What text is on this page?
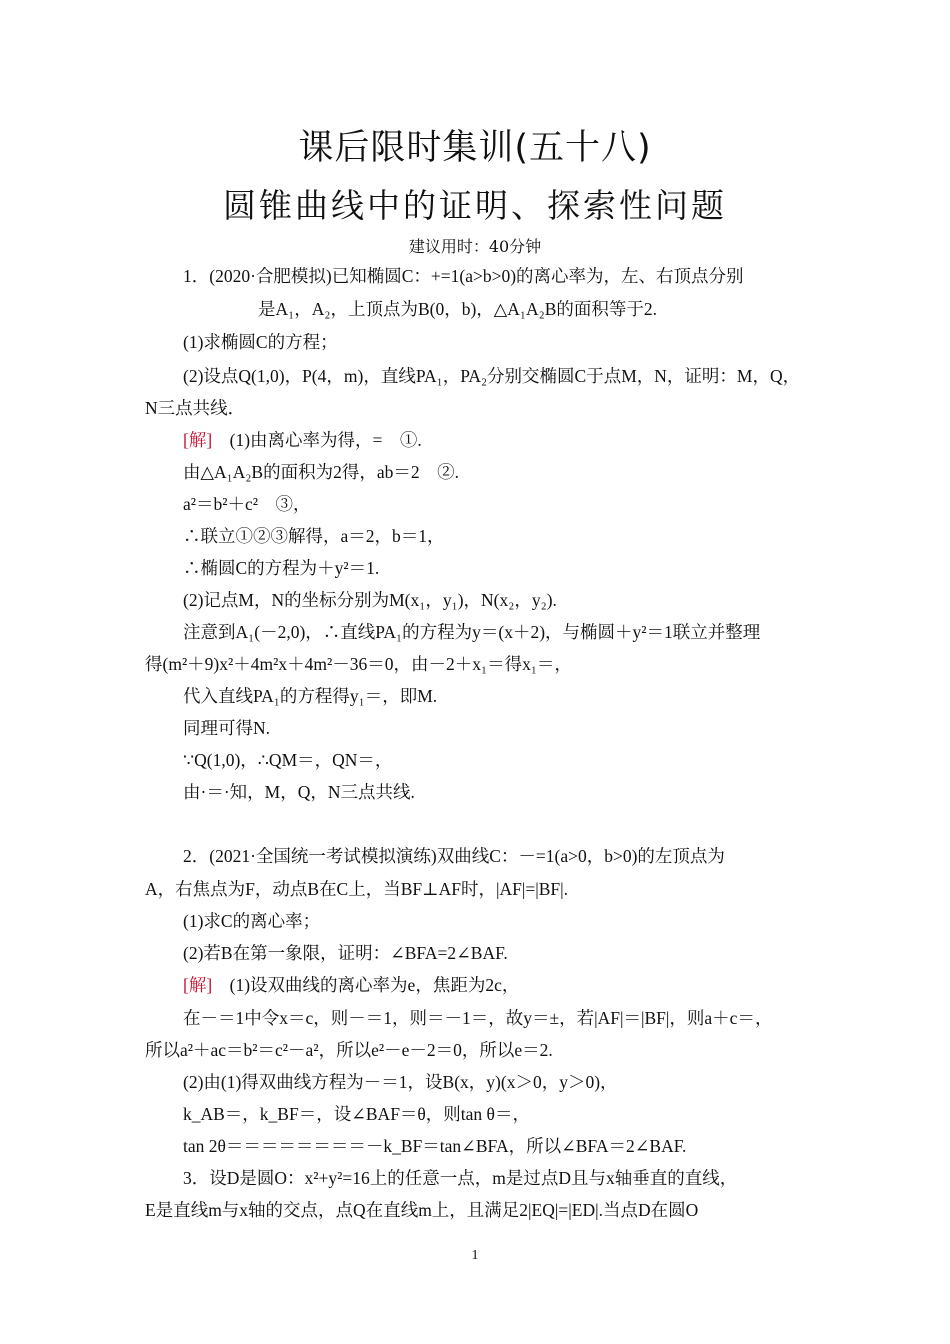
课后限时集训(五十八)
圆锥曲线中的证明、探索性问题
建议用时：40分钟
1．(2020·合肥模拟)已知椭圆C：+=1(a>b>0)的离心率为，左、右顶点分别
是A₁，A₂，上顶点为B(0，b)，△A₁A₂B的面积等于2.
(1)求椭圆C的方程；
(2)设点Q(1,0)，P(4，m)，直线PA₁，PA₂分别交椭圆C于点M，N，证明：M，Q，
N三点共线．
[解]　 (1)由离心率为得，=　①.
由△A₁A₂B的面积为2得，ab＝2　②.
a²＝b²＋c²　③，
∴联立①②③解得，a＝2，b＝1，
∴椭圆C的方程为＋y²＝1.
(2)记点M，N的坐标分别为M(x₁，y₁)，N(x₂，y₂).
注意到A₁(－2,0)，∴直线PA₁的方程为y＝(x＋2)，与椭圆＋y²＝1联立并整理
得(m²＋9)x²＋4m²x＋4m²－36＝0，由－2＋x₁＝得x₁＝，
代入直线PA₁的方程得y₁＝，即M.
同理可得N.
∵Q(1,0)，∴QM＝，QN＝，
由·＝·知，M，Q，N三点共线.
2．(2021·全国统一考试模拟演练)双曲线C：－=1(a>0，b>0)的左顶点为
A，右焦点为F，动点B在C上，当BF⊥AF时，|AF|=|BF|.
(1)求C的离心率；
(2)若B在第一象限，证明：∠BFA=2∠BAF.
[解]　 (1)设双曲线的离心率为e，焦距为2c，
在－＝1中令x＝c，则－＝1，则＝－1＝，故y＝±，若|AF|＝|BF|，则a＋c＝，
所以a²＋ac＝b²＝c²－a²，所以e²－e－2＝0，所以e＝2.
(2)由(1)得双曲线方程为－＝1，设B(x，y)(x＞0，y＞0)，
k_AB＝，k_BF＝，设∠BAF＝θ，则tan θ＝，
tan 2θ＝＝＝＝＝＝＝＝－k_BF＝tan∠BFA，所以∠BFA＝2∠BAF.
3．设D是圆O：x²+y²=16上的任意一点，m是过点D且与x轴垂直的直线，
E是直线m与x轴的交点，点Q在直线m上，且满足2|EQ|=|ED|.当点D在圆O
1
